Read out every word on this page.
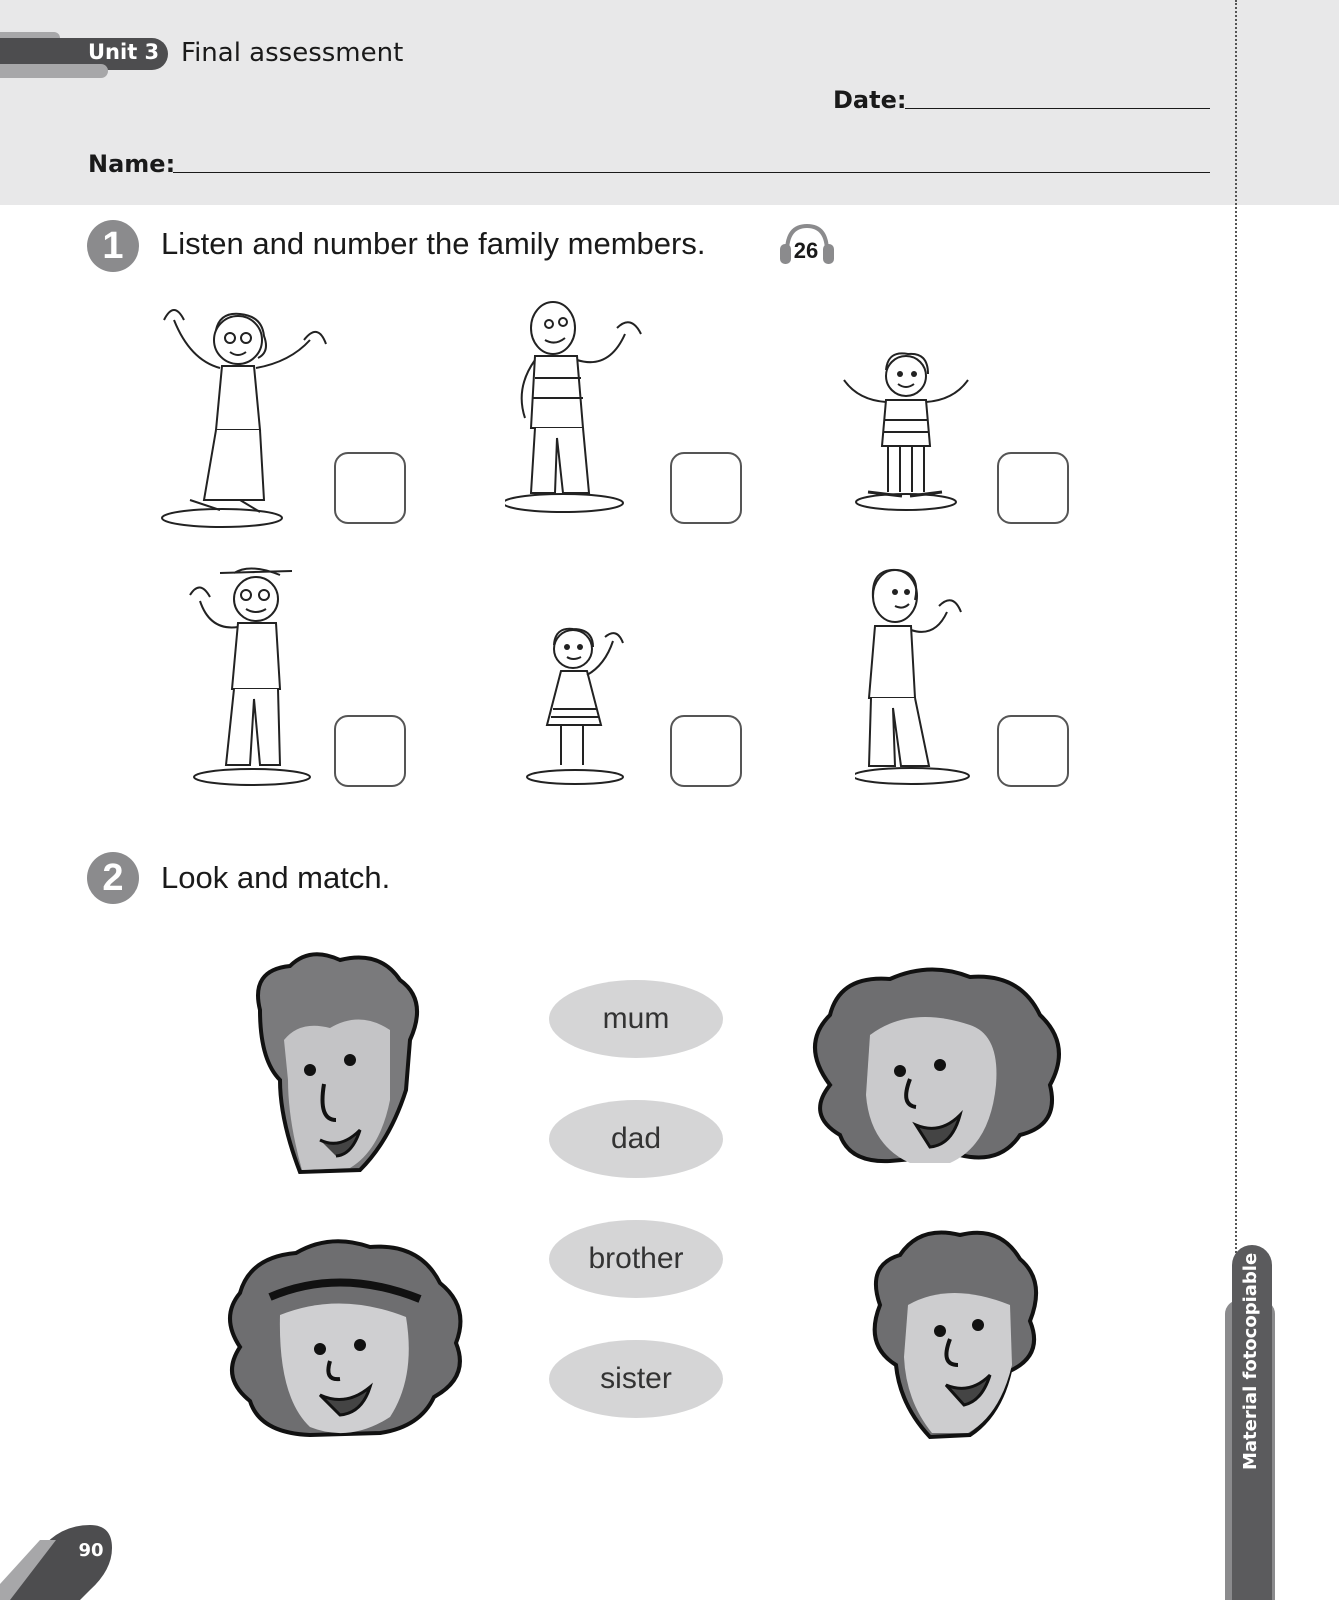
Unit 3 Final assessment
Date:
Name:
1	Listen and number the family members.	26
2	Look and match.
mum
dad
brother
sister	Material fotocopiable
90
